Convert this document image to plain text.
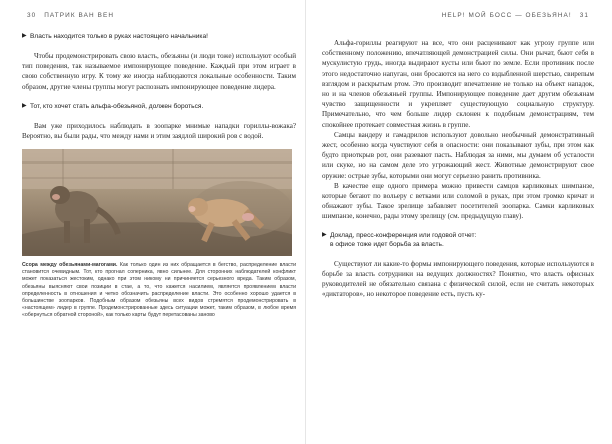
30 ПАТРИК ВАН ВЕН
▶ Власть находится только в руках настоящего начальника!

Чтобы продемонстрировать свою власть, обезьяны (и люди тоже) используют особый тип поведения, так называемое импонирующее поведение. Каждый при этом играет в свою собственную игру. К тому же иногда наблюдаются локальные особенности. Таким образом, другие члены группы могут распознать импонирующее поведение лидера.

▶ Тот, кто хочет стать альфа-обезьяной, должен бороться.

Вам уже приходилось наблюдать в зоопарке мнимые нападки гориллы-вожака? Вероятно, вы были рады, что между нами и этим заядлой широкий ров с водой.

Ссора между обезьянами-магогами. Как только один из них обращается в бегство, распределение власти становится очевидным. Тот, кто прогнал соперника, явно сильнее. Для сторонних наблюдателей конфликт может показаться жестоким, однако при этом никому ни причиняется серьезного вреда. Таким образом, обезьяны выясняют свои позиции в стае, а то, что кажется насилием, является проявлением власти определенность в отношения и четко обозначить распределение власти. Это особенно хорошо удается в большинстве зоопарков. Подобным образом обезьяны всех видов стремятся продемонстрировать в «настоящем» лидер в группе. Продемонстрированные здесь ситуации может, таким образом, в любое время «обернуться обратной стороной», как только карты будут перетасованы заново
HELP! МОЙ БОСС — ОБЕЗЬЯНА! 31

Альфа-гориллы реагируют на все, что они расценивают как угрозу группе или собственному положению, впечатляющей демонстрацией силы. Они рычат, бьют себя в мускулистую грудь, иногда выдирают кусты или бьют по земле. Если противник после этого недостаточно напуган, они бросаются на него со вздыбленной шерстью, свирепым взглядом и раскрытым ртом. Это производит впечатление не только на объект нападок, но и на членов обезьяньей группы. Импонирующее поведение дает другим обезьянам чувство защищенности и укрепляет существующую социальную структуру. Примечательно, что чем больше лидер склонен к подобным демонстрациям, тем спокойнее протекает совместная жизнь в группе.

Самцы вандеру и гамадрилов используют довольно необычный демонстративный жест, особенно когда чувствуют себя в опасности: они показывают зубы, при этом как будто приоткрыв рот, они разевают пасть. Наблюдая за ними, мы думаем об усталости или скуке, но на самом деле это угрожающий жест. Животные демонстрируют свое оружие: острые зубы, которыми они могут серьезно ранить противника.

В качестве еще одного примера можно привести самцов карликовых шимпанзе, которые бегают по вольеру с ветками или соломой в руках, при этом громко кричат и обнажают зубы. Такое зрелище забавляет посетителей зоопарка. Самки карликовых шимпанзе, конечно, рады этому зрелищу (см. предыдущую главу).

▶ Доклад, пресс-конференция или годовой отчет:
в офисе тоже идет борьба за власть.

Существуют ли какие-то формы импонирующего поведения, которые используются в борьбе за власть сотрудники на ведущих должностях? Понятно, что власть офисных руководителей не обязательно связана с физической силой, если не считать некоторых «диктаторов», но некоторое поведение есть, пусть ку-
